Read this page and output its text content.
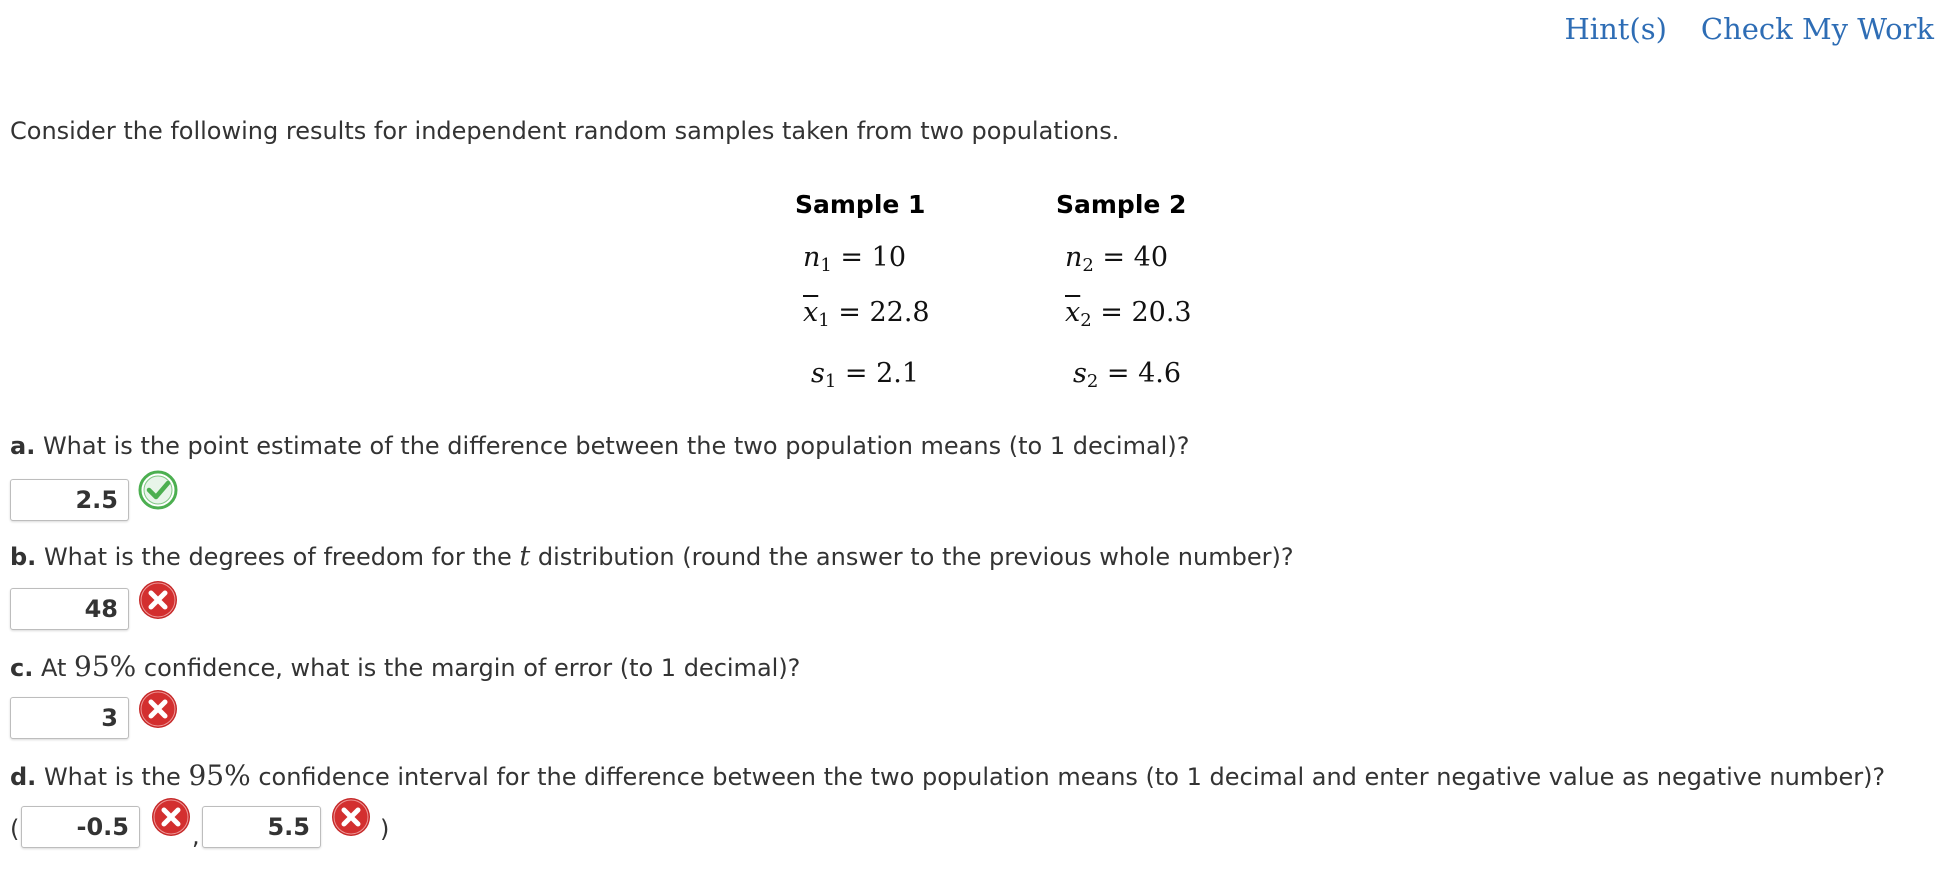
Hint(s) Check My Work
Consider the following results for independent random samples taken from two populations.
Sample 1	Sample 2
$n_1 = 10$	$n_2 = 40$
$\overline{x}_1 = 22.8$	$\overline{x}_2 = 20.3$
$s_1 = 2.1$	$s_2 = 4.6$
a. What is the point estimate of the difference between the two population means (to 1 decimal)?
2.5
b. What is the degrees of freedom for the t distribution (round the answer to the previous whole number)?
48
c. At 95% confidence, what is the margin of error (to 1 decimal)?
3
d. What is the 95% confidence interval for the difference between the two population means (to 1 decimal and enter negative value as negative number)?
(	-0.5	,	5.5	)
